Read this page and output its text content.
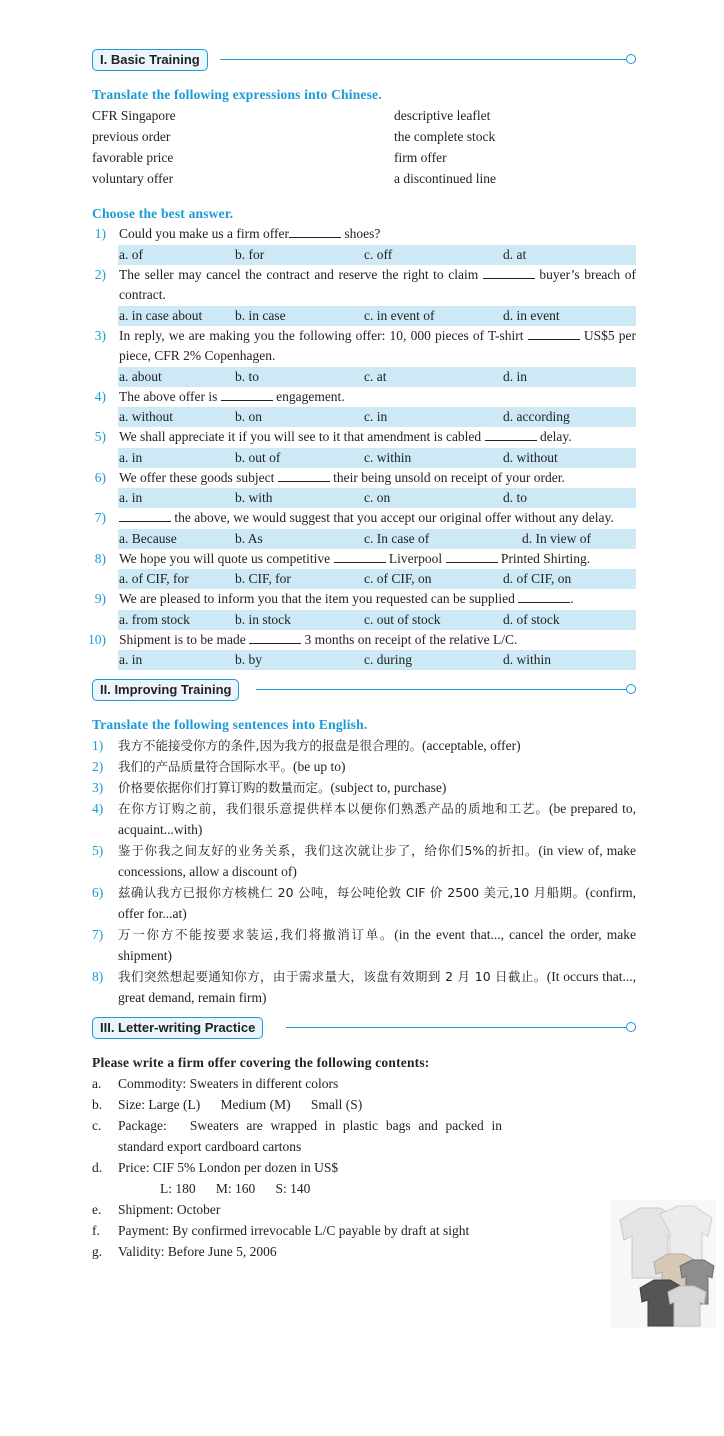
I. Basic Training
Translate the following expressions into Chinese.
CFR Singapore	descriptive leaflet
previous order	the complete stock
favorable price	firm offer
voluntary offer	a discontinued line
Choose the best answer.
1) Could you make us a firm offer	shoes?
a. of	b. for	c. off	d. at
2) The seller may cancel the contract and reserve the right to claim	buyer’s breach of contract.
a. in case about	b. in case	c. in event of	d. in event
3) In reply, we are making you the following offer: 10, 000 pieces of T-shirt	US$5 per piece, CFR 2% Copenhagen.
a. about	b. to	c. at	d. in
4) The above offer is	engagement.
a. without	b. on	c. in	d. according
5) We shall appreciate it if you will see to it that amendment is cabled	delay.
a. in	b. out of	c. within	d. without
6) We offer these goods subject	their being unsold on receipt of your order.
a. in	b. with	c. on	d. to
7)	the above, we would suggest that you accept our original offer without any delay.
a. Because	b. As	c. In case of	d. In view of
8) We hope you will quote us competitive	Liverpool	Printed Shirting.
a. of CIF, for	b. CIF, for	c. of CIF, on	d. of CIF, on
9) We are pleased to inform you that the item you requested can be supplied	.
a. from stock	b. in stock	c. out of stock	d. of stock
10) Shipment is to be made	3 months on receipt of the relative L/C.
a. in	b. by	c. during	d. within
II. Improving Training
Translate the following sentences into English.
1)	我方不能接受你方的条件,因为我方的报盘是很合理的。(acceptable, offer)
2)	我们的产品质量符合国际水平。(be up to)
3)	价格要依据你们打算订购的数量而定。(subject to, purchase)
4)	在你方订购之前，我们很乐意提供样本以便你们熟悉产品的质地和工艺。(be prepared to, acquaint...with)
5)	鉴于你我之间友好的业务关系，我们这次就让步了，给你们5%的折扣。(in view of, make concessions, allow a discount of)
6)	兹确认我方已报你方核桃仁 20 公吨，每公吨伦敦 CIF 价 2500 美元,10 月船期。(confirm, offer for...at)
7)	万一你方不能按要求装运,我们将撤消订单。(in the event that..., cancel the order, make shipment)
8)	我们突然想起要通知你方，由于需求量大，该盘有效期到 2 月 10 日截止。(It occurs that..., great demand, remain firm)
III. Letter-writing Practice
Please write a firm offer covering the following contents:
a.	Commodity: Sweaters in different colors
b.	Size: Large (L)      Medium (M)      Small (S)
c.	Package:   Sweaters are wrapped in plastic bags and packed in standard export cardboard cartons
d.	Price: CIF 5% London per dozen in US$
L: 180      M: 160      S: 140
e.	Shipment: October
f.	Payment: By confirmed irrevocable L/C payable by draft at sight
g.	Validity: Before June 5, 2006
